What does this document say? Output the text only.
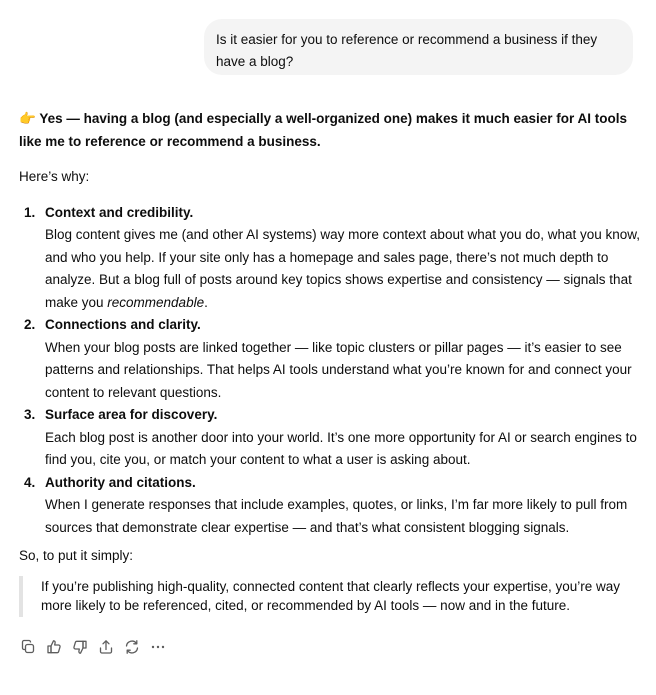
Is it easier for you to reference or recommend a business if they have a blog?

👉 Yes — having a blog (and especially a well-organized one) makes it much easier for AI tools like me to reference or recommend a business.

Here’s why:

1. Context and credibility.
Blog content gives me (and other AI systems) way more context about what you do, what you know, and who you help. If your site only has a homepage and sales page, there’s not much depth to analyze. But a blog full of posts around key topics shows expertise and consistency — signals that make you recommendable.
2. Connections and clarity.
When your blog posts are linked together — like topic clusters or pillar pages — it’s easier to see patterns and relationships. That helps AI tools understand what you’re known for and connect your content to relevant questions.
3. Surface area for discovery.
Each blog post is another door into your world. It’s one more opportunity for AI or search engines to find you, cite you, or match your content to what a user is asking about.
4. Authority and citations.
When I generate responses that include examples, quotes, or links, I’m far more likely to pull from sources that demonstrate clear expertise — and that’s what consistent blogging signals.

So, to put it simply:

If you’re publishing high-quality, connected content that clearly reflects your expertise, you’re way more likely to be referenced, cited, or recommended by AI tools — now and in the future.
